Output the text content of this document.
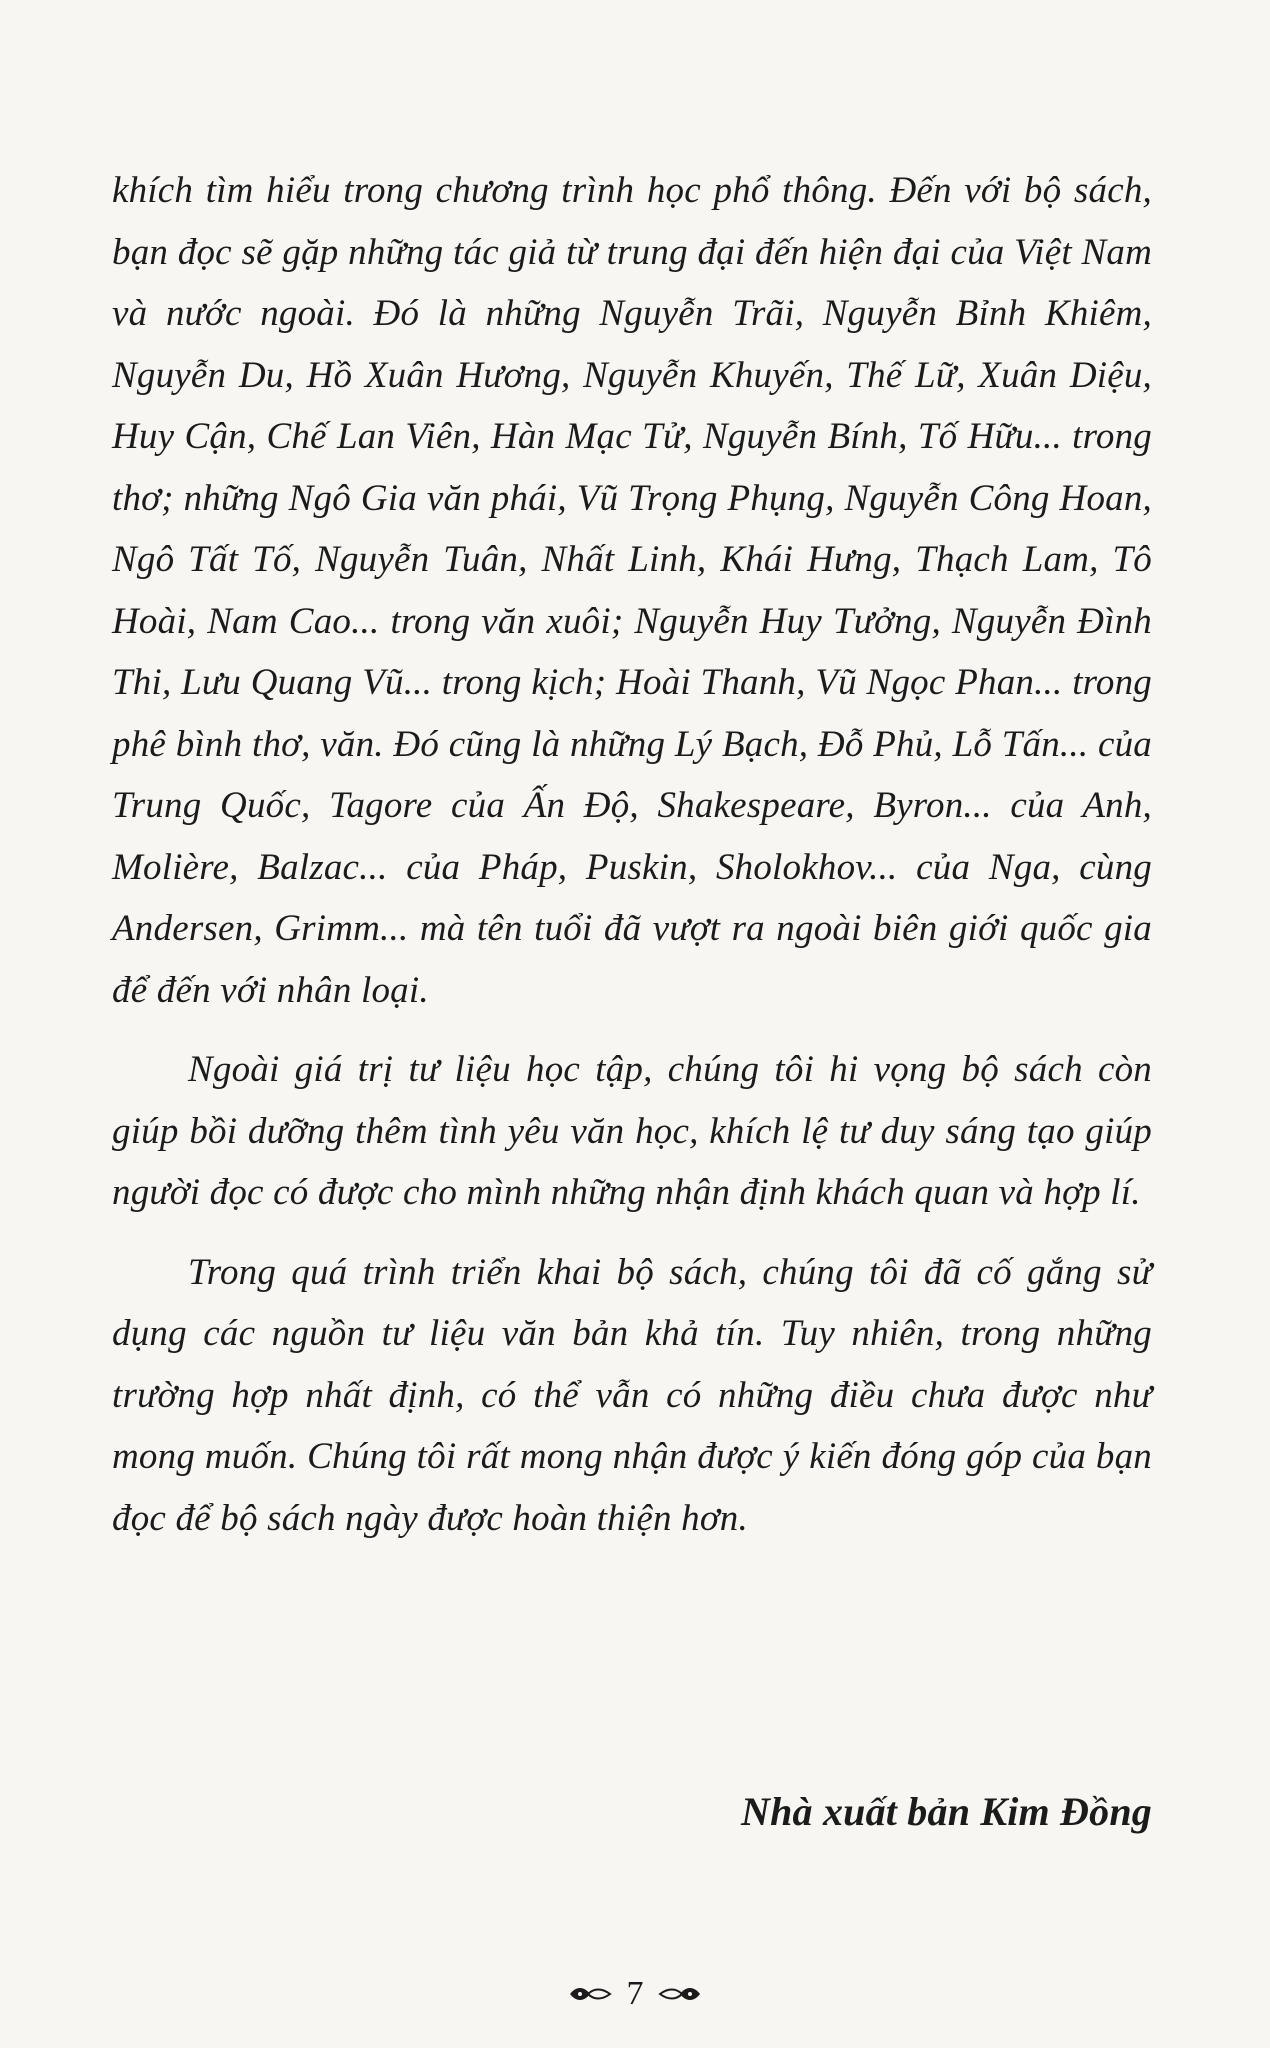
khích tìm hiểu trong chương trình học phổ thông. Đến với bộ sách, bạn đọc sẽ gặp những tác giả từ trung đại đến hiện đại của Việt Nam và nước ngoài. Đó là những Nguyễn Trãi, Nguyễn Bỉnh Khiêm, Nguyễn Du, Hồ Xuân Hương, Nguyễn Khuyến, Thế Lữ, Xuân Diệu, Huy Cận, Chế Lan Viên, Hàn Mạc Tử, Nguyễn Bính, Tố Hữu... trong thơ; những Ngô Gia văn phái, Vũ Trọng Phụng, Nguyễn Công Hoan, Ngô Tất Tố, Nguyễn Tuân, Nhất Linh, Khái Hưng, Thạch Lam, Tô Hoài, Nam Cao... trong văn xuôi; Nguyễn Huy Tưởng, Nguyễn Đình Thi, Lưu Quang Vũ... trong kịch; Hoài Thanh, Vũ Ngọc Phan... trong phê bình thơ, văn. Đó cũng là những Lý Bạch, Đỗ Phủ, Lỗ Tấn... của Trung Quốc, Tagore của Ấn Độ, Shakespeare, Byron... của Anh, Molière, Balzac... của Pháp, Puskin, Sholokhov... của Nga, cùng Andersen, Grimm... mà tên tuổi đã vượt ra ngoài biên giới quốc gia để đến với nhân loại.

Ngoài giá trị tư liệu học tập, chúng tôi hi vọng bộ sách còn giúp bồi dưỡng thêm tình yêu văn học, khích lệ tư duy sáng tạo giúp người đọc có được cho mình những nhận định khách quan và hợp lí.

Trong quá trình triển khai bộ sách, chúng tôi đã cố gắng sử dụng các nguồn tư liệu văn bản khả tín. Tuy nhiên, trong những trường hợp nhất định, có thể vẫn có những điều chưa được như mong muốn. Chúng tôi rất mong nhận được ý kiến đóng góp của bạn đọc để bộ sách ngày được hoàn thiện hơn.

Nhà xuất bản Kim Đồng
7
